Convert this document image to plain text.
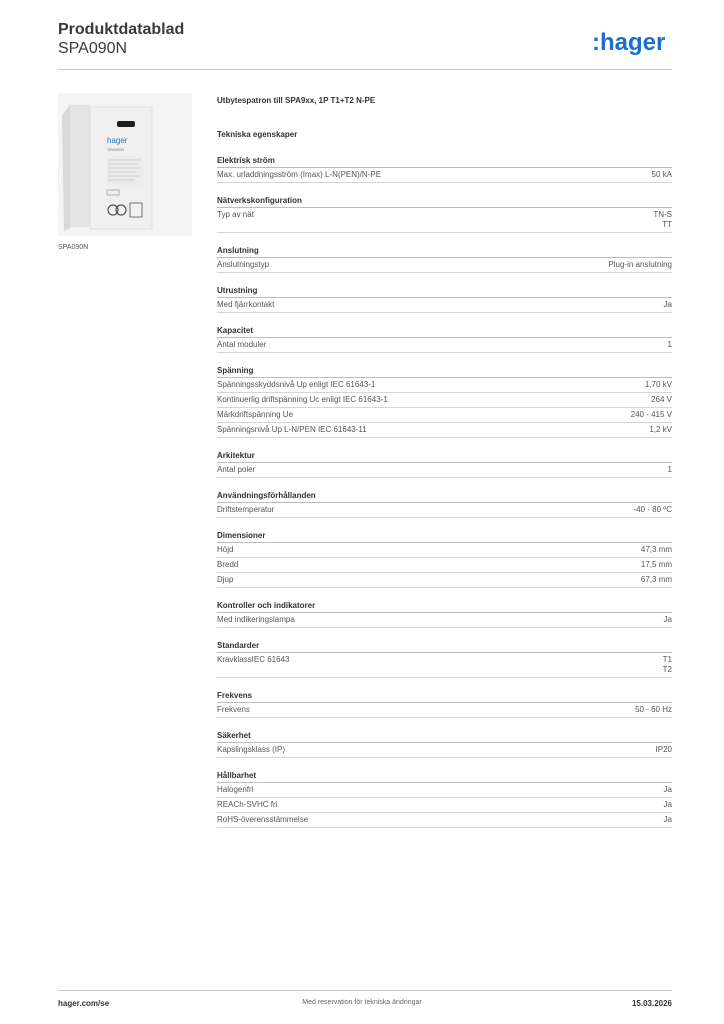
Produktdatablad
SPA090N	:hager
hager
SPA090N
SPA090N
Utbytespatron till SPA9xx, 1P T1+T2 N-PE
Tekniska egenskaper
Elektrisk ström
Max. urladdningsström (Imax) L-N(PEN)/N-PE	50 kA
Nätverkskonfiguration
Typ av nät	TN-S
TT
Anslutning
Anslutningstyp	Plug-in anslutning
Utrustning
Med fjärrkontakt	Ja
Kapacitet
Antal moduler	1
Spänning
Spänningsskyddsnivå Up enligt IEC 61643-1	1,70 kV
Kontinuerlig driftspänning Uc enligt IEC 61643-1	264 V
Märkdriftspänning Ue	240 - 415 V
Spänningsnivå Up L-N/PEN IEC 61643-11	1,2 kV
Arkitektur
Antal poler	1
Användningsförhållanden
Driftstemperatur	-40 - 80 ºC
Dimensioner
Höjd	47,3 mm
Bredd	17,5 mm
Djup	67,3 mm
Kontroller och indikatorer
Med indikeringslampa	Ja
Standarder
KravklassIEC 61643	T1
T2
Frekvens
Frekvens	50 - 60 Hz
Säkerhet
Kapslingsklass (IP)	IP20
Hållbarhet
Halogenfri	Ja
REACh-SVHC fri	Ja
RoHS-överensstämmelse	Ja
hager.com/se	Med reservation för tekniska ändringar	15.03.2026
